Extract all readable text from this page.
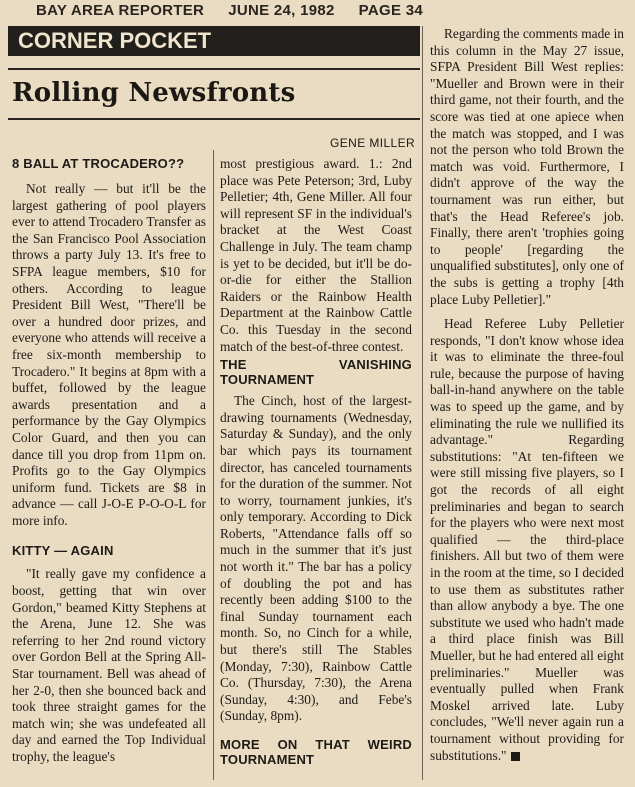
BAY AREA REPORTER JUNE 24, 1982 PAGE 34
CORNER POCKET
Rolling Newsfronts
GENE MILLER
8 BALL AT TROCADERO??

Not really — but it'll be the largest gathering of pool players ever to attend Trocadero Transfer as the San Francisco Pool Association throws a party July 13. It's free to SFPA league members, $10 for others. According to league President Bill West, "There'll be over a hundred door prizes, and everyone who attends will receive a free six-month membership to Trocadero." It begins at 8pm with a buffet, followed by the league awards presentation and a performance by the Gay Olympics Color Guard, and then you can dance till you drop from 11pm on. Profits go to the Gay Olympics uniform fund. Tickets are $8 in advance — call J-O-E P-O-O-L for more info.

KITTY — AGAIN

"It really gave my confidence a boost, getting that win over Gordon," beamed Kitty Stephens at the Arena, June 12. She was referring to her 2nd round victory over Gordon Bell at the Spring All-Star tournament. Bell was ahead of her 2-0, then she bounced back and took three straight games for the match win; she was undefeated all day and earned the Top Individual trophy, the league's

most prestigious award. 1.: 2nd place was Pete Peterson; 3rd, Luby Pelletier; 4th, Gene Miller. All four will represent SF in the individual's bracket at the West Coast Challenge in July. The team champ is yet to be decided, but it'll be do-or-die for either the Stallion Raiders or the Rainbow Health Department at the Rainbow Cattle Co. this Tuesday in the second match of the best-of-three contest.

THE VANISHING TOURNAMENT

The Cinch, host of the largest-drawing tournaments (Wednesday, Saturday & Sunday), and the only bar which pays its tournament director, has canceled tournaments for the duration of the summer. Not to worry, tournament junkies, it's only temporary. According to Dick Roberts, "Attendance falls off so much in the summer that it's just not worth it." The bar has a policy of doubling the pot and has recently been adding $100 to the final Sunday tournament each month. So, no Cinch for a while, but there's still The Stables (Monday, 7:30), Rainbow Cattle Co. (Thursday, 7:30), the Arena (Sunday, 4:30), and Febe's (Sunday, 8pm).

MORE ON THAT WEIRD TOURNAMENT

Regarding the comments made in this column in the May 27 issue, SFPA President Bill West replies: "Mueller and Brown were in their third game, not their fourth, and the score was tied at one apiece when the match was stopped, and I was not the person who told Brown the match was void. Furthermore, I didn't approve of the way the tournament was run either, but that's the Head Referee's job. Finally, there aren't 'trophies going to people' [regarding the unqualified substitutes], only one of the subs is getting a trophy [4th place Luby Pelletier]."

Head Referee Luby Pelletier responds, "I don't know whose idea it was to eliminate the three-foul rule, because the purpose of having ball-in-hand anywhere on the table was to speed up the game, and by eliminating the rule we nullified its advantage." Regarding substitutions: "At ten-fifteen we were still missing five players, so I got the records of all eight preliminaries and began to search for the players who were next most qualified — the third-place finishers. All but two of them were in the room at the time, so I decided to use them as substitutes rather than allow anybody a bye. The one substitute we used who hadn't made a third place finish was Bill Mueller, but he had entered all eight preliminaries." Mueller was eventually pulled when Frank Moskel arrived late. Luby concludes, "We'll never again run a tournament without providing for substitutions."
